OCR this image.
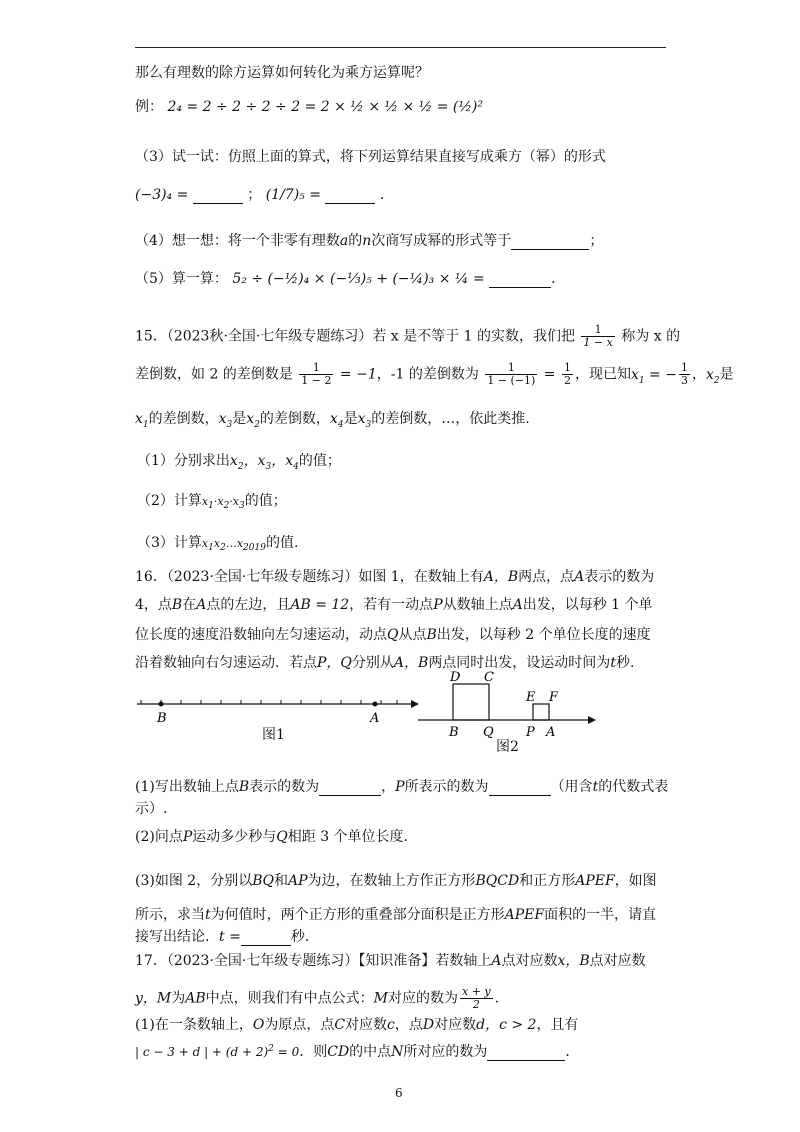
那么有理数的除方运算如何转化为乘方运算呢？
例： 2₄ = 2 ÷ 2 ÷ 2 ÷ 2 = 2 × ½ × ½ × ½ = (½)²
（3）试一试：仿照上面的算式，将下列运算结果直接写成乘方（幂）的形式
(−3)₄ =	； (1/7)₅ =	．
（4）想一想：将一个非零有理数a的n次商写成幂的形式等于	；
（5）算一算： 5₂ ÷ (−½)₄ × (−⅓)₅ + (−¼)₃ × ¼ =	．
15．（2023秋·全国·七年级专题练习）若 x 是不等于 1 的实数，我们把 $\frac{1}{1 - x}$ 称为 x 的
差倒数，如 2 的差倒数是 $\frac{1}{1 - 2} = -1$，-1 的差倒数为 $\frac{1}{1 - (-1)} = \frac{1}{2}$ ，现已知$x_1$ = − $\frac{1}{3}$ ，$x_2$是
$x_1$的差倒数，$x_3$是$x_2$的差倒数，$x_4$是$x_3$的差倒数，…，依此类推.
（1）分别求出$x_2$，$x_3$，$x_4$的值；
（2）计算$x_1\cdot x_2\cdot x_3$的值；
（3）计算$x_1x_2\dots x_{2019}$的值.
16．（2023·全国·七年级专题练习）如图 1，在数轴上有A，B两点，点A表示的数为
4，点B在A点的左边，且AB = 12，若有一动点P从数轴上点A出发，以每秒 1 个单
位长度的速度沿数轴向左匀速运动，动点Q从点B出发，以每秒 2 个单位长度的速度
沿着数轴向右匀速运动．若点P，Q分别从A，B两点同时出发，设运动时间为t秒.
B	A
图1
D C
E F
B Q P A
图2
(1)写出数轴上点B表示的数为	，P所表示的数为	（用含t的代数式表
示）.
(2)问点P运动多少秒与Q相距 3 个单位长度.
(3)如图 2，分别以BQ和AP为边，在数轴上方作正方形BQCD和正方形APEF，如图
所示，求当t为何值时，两个正方形的重叠部分面积是正方形APEF面积的一半，请直
接写出结论．t =	秒.
17．（2023·全国·七年级专题练习）【知识准备】若数轴上A点对应数x，B点对应数
y，M为AB中点，则我们有中点公式：M对应的数为 $\frac{x + y}{2}$ .
(1)在一条数轴上，O为原点，点C对应数c，点D对应数d，c > 2，且有
| c − 3 + d | + $(d + 2)^2 = 0$．则CD的中点N所对应的数为	．
6
